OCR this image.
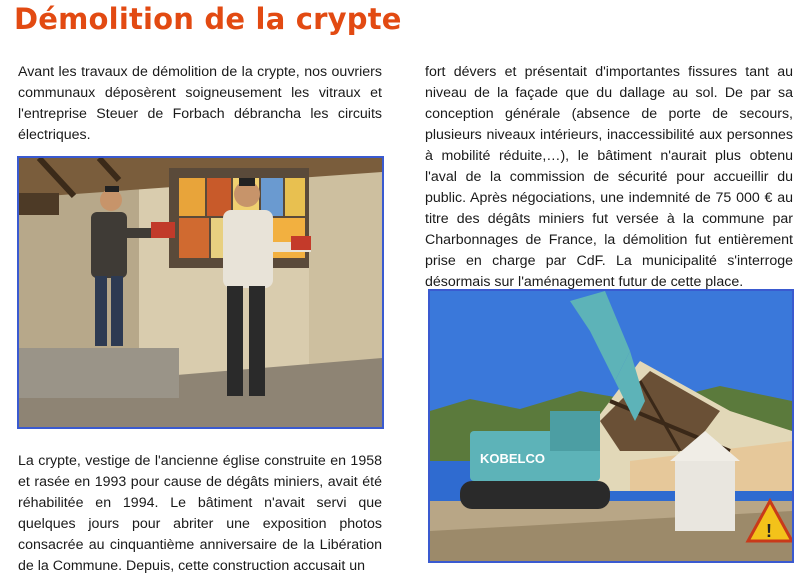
Démolition de la crypte

Avant les travaux de démolition de la crypte, nos ouvriers communaux déposèrent soigneusement les vitraux et l'entreprise Steuer de Forbach débrancha les circuits électriques.

La crypte, vestige de l'ancienne église construite en 1958 et rasée en 1993 pour cause de dégâts miniers, avait été réhabilitée en 1994. Le bâtiment n'avait servi que quelques jours pour abriter une exposition photos consacrée au cinquantième anniversaire de la Libération de la Commune. Depuis, cette construction accusait un

fort dévers et présentait d'importantes fissures tant au niveau de la façade que du dallage au sol. De par sa conception générale (absence de porte de secours, plusieurs niveaux intérieurs, inaccessibilité aux personnes à mobilité réduite,…), le bâtiment n'aurait plus obtenu l'aval de la commission de sécurité pour accueillir du public. Après négociations, une indemnité de 75 000 € au titre des dégâts miniers fut versée à la commune par Charbonnages de France, la démolition fut entièrement prise en charge par CdF. La municipalité s'interroge désormais sur l'aménagement futur de cette place.

KOBELCO
!
